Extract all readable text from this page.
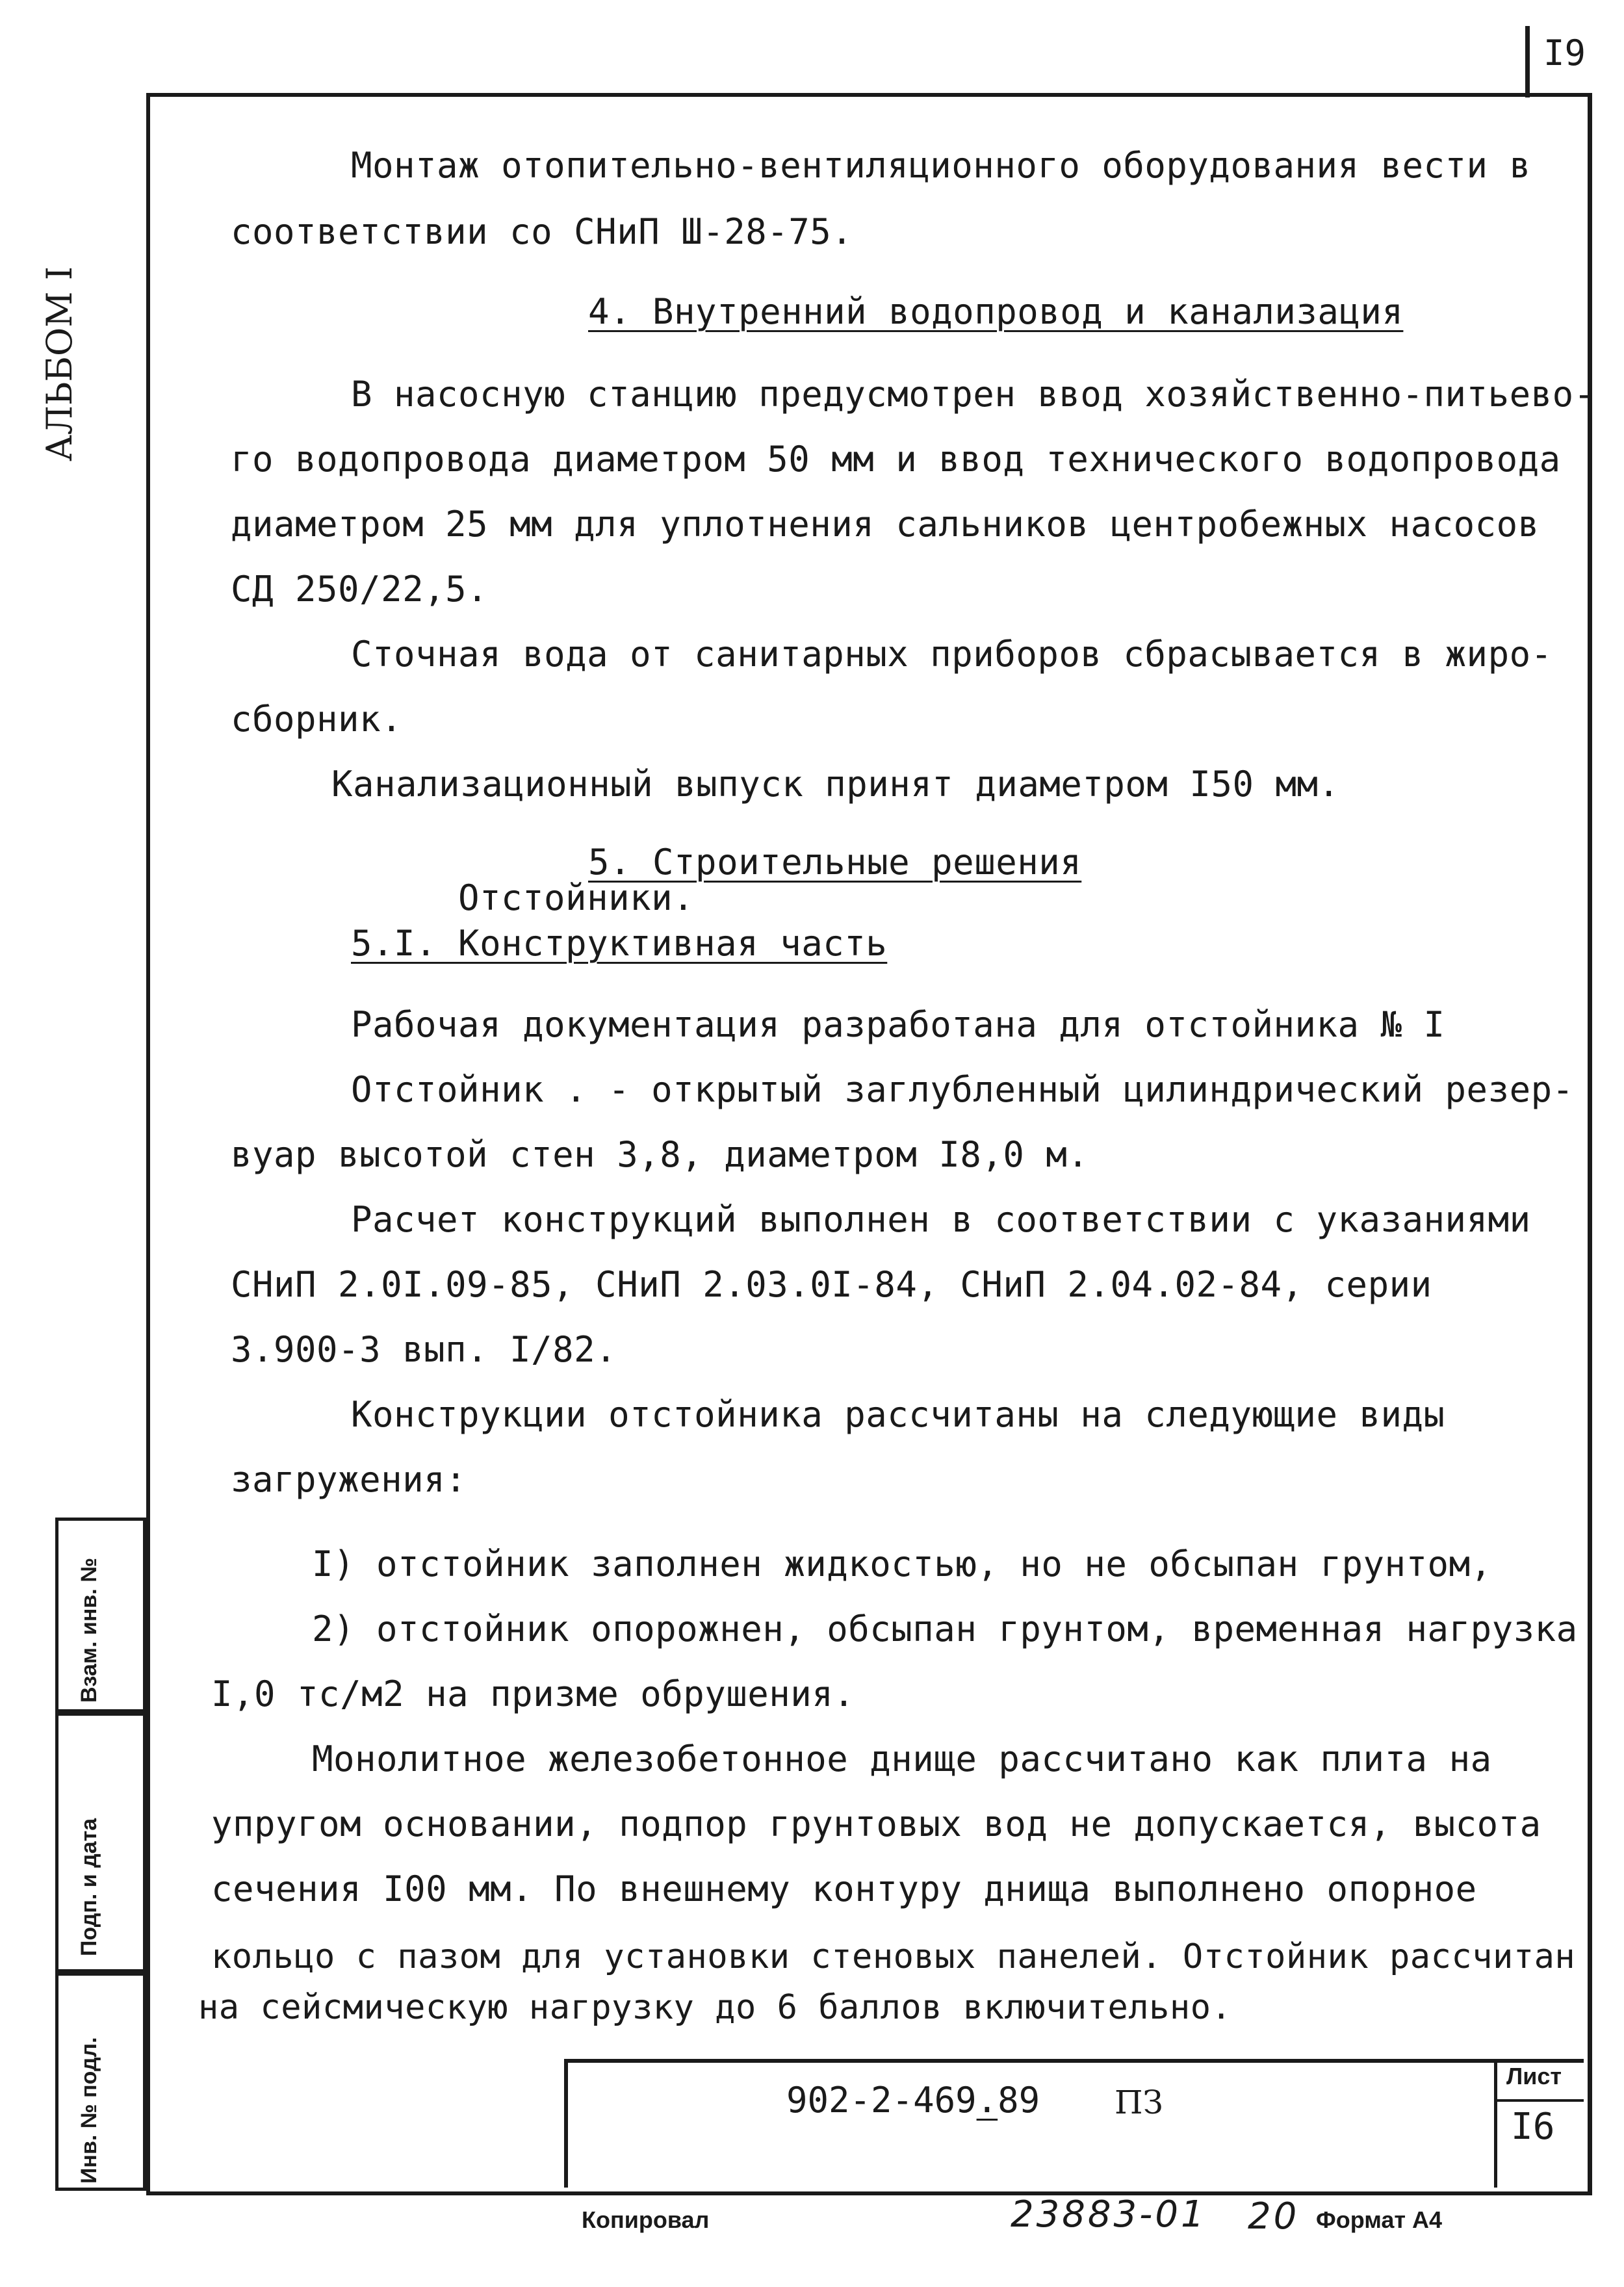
I9
АЛЬБОМ I
Взам. инв. №
Подп. и дата
Инв. № подл.
Монтаж отопительно-вентиляционного оборудования вести в
соответствии со СНиП Ш-28-75.
4. Внутренний водопровод и канализация
В насосную станцию предусмотрен ввод хозяйственно-питьево-
го водопровода диаметром 50 мм и ввод технического водопровода
диаметром 25 мм для уплотнения сальников центробежных насосов
СД 250/22,5.
Сточная вода от санитарных приборов сбрасывается в жиро-
сборник.
Канализационный выпуск принят диаметром I50 мм.
5. Строительные решения
Отстойники.
5.I. Конструктивная часть
Рабочая документация разработана для отстойника № I
Отстойник . - открытый заглубленный цилиндрический резер-
вуар высотой стен 3,8, диаметром I8,0 м.
Расчет конструкций выполнен в соответствии с указаниями
СНиП 2.0I.09-85, СНиП 2.03.0I-84, СНиП 2.04.02-84, серии
3.900-3 вып. I/82.
Конструкции отстойника рассчитаны на следующие виды
загружения:
I) отстойник заполнен жидкостью, но не обсыпан грунтом,
2) отстойник опорожнен, обсыпан грунтом, временная нагрузка
I,0 тс/м2 на призме обрушения.
Монолитное железобетонное днище рассчитано как плита на
упругом основании, подпор грунтовых вод не допускается, высота
сечения I00 мм. По внешнему контуру днища выполнено опорное
кольцо с пазом для установки стеновых панелей. Отстойник рассчитан
на сейсмическую нагрузку до 6 баллов включительно.
902-2-469.89 ПЗ
Лист
I6
Копировал	23883-01 20 Формат А4
